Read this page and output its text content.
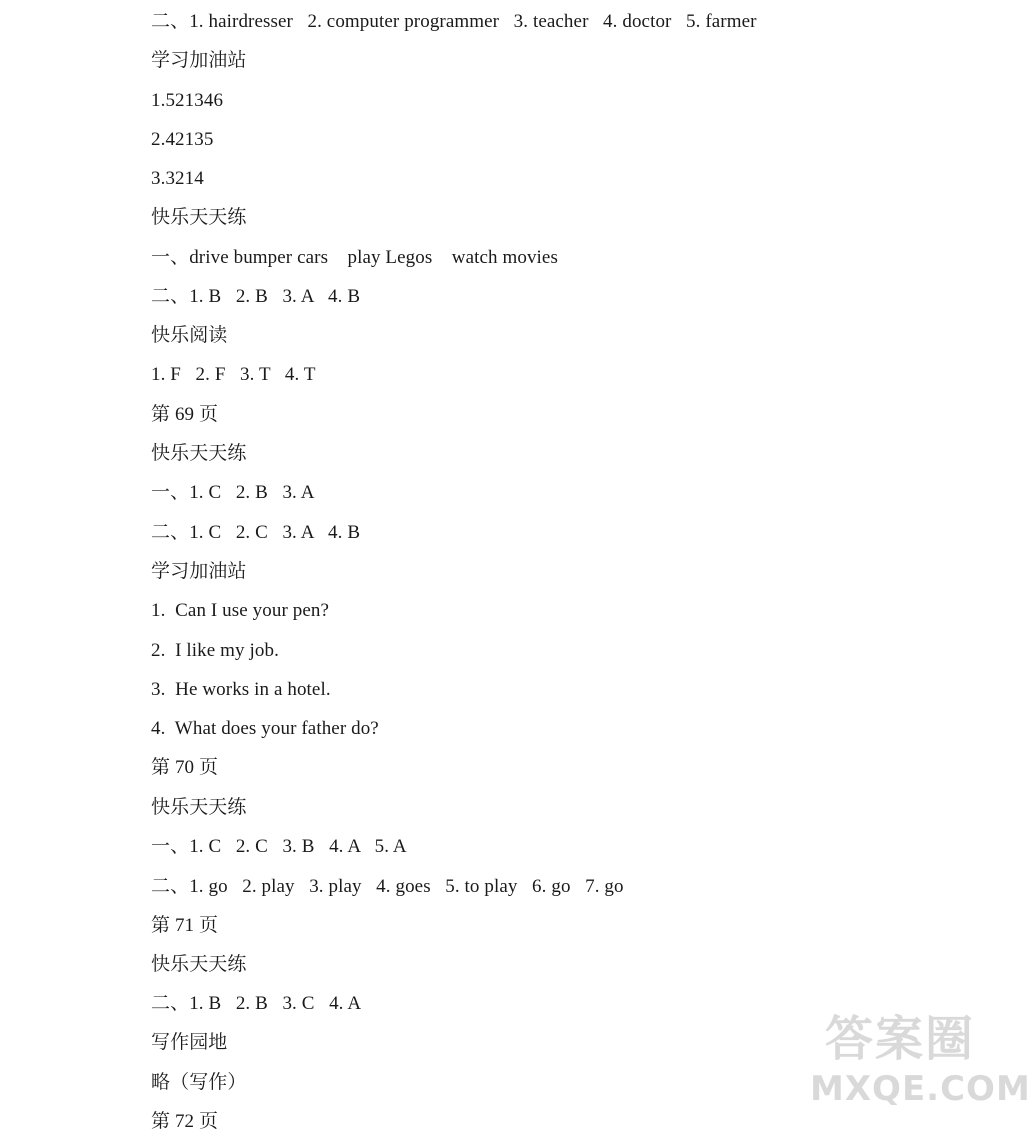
二、1. hairdresser   2. computer programmer   3. teacher   4. doctor   5. farmer
学习加油站
1.521346
2.42135
3.3214
快乐天天练
一、drive bumper cars    play Legos    watch movies
二、1. B   2. B   3. A   4. B
快乐阅读
1. F   2. F   3. T   4. T
第 69 页
快乐天天练
一、1. C   2. B   3. A
二、1. C   2. C   3. A   4. B
学习加油站
1.  Can I use your pen?
2.  I like my job.
3.  He works in a hotel.
4.  What does your father do?
第 70 页
快乐天天练
一、1. C   2. C   3. B   4. A   5. A
二、1. go   2. play   3. play   4. goes   5. to play   6. go   7. go
第 71 页
快乐天天练
二、1. B   2. B   3. C   4. A
写作园地
略（写作）
第 72 页
答案圈
MXQE.COM
